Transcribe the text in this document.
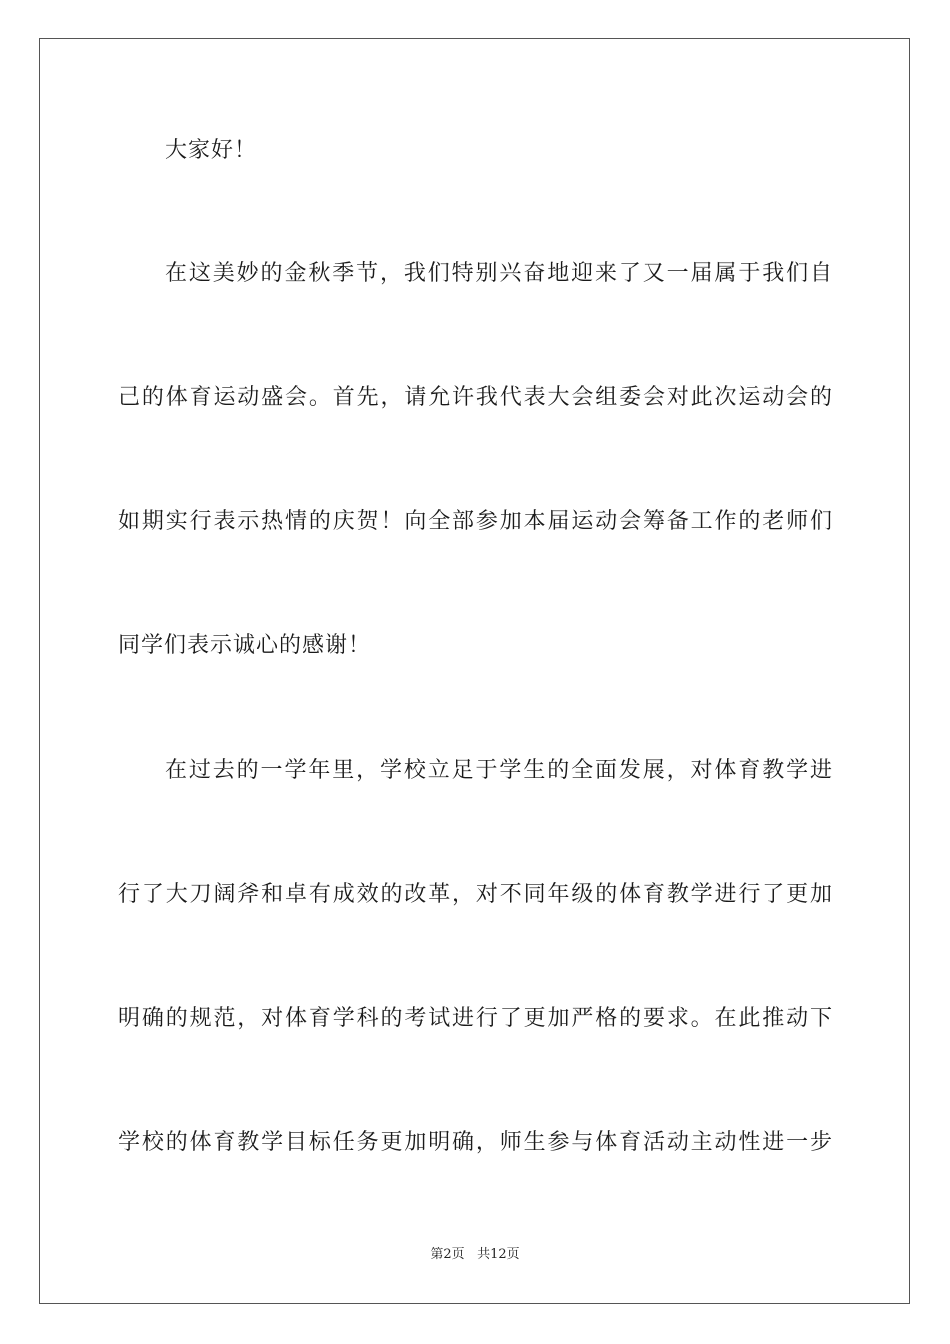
大家好！
在这美妙的金秋季节，我们特别兴奋地迎来了又一届属于我们自
己的体育运动盛会。首先，请允许我代表大会组委会对此次运动会的
如期实行表示热情的庆贺！向全部参加本届运动会筹备工作的老师们
同学们表示诚心的感谢！
在过去的一学年里，学校立足于学生的全面发展，对体育教学进
行了大刀阔斧和卓有成效的改革，对不同年级的体育教学进行了更加
明确的规范，对体育学科的考试进行了更加严格的要求。在此推动下
学校的体育教学目标任务更加明确，师生参与体育活动主动性进一步
第2页 共12页
